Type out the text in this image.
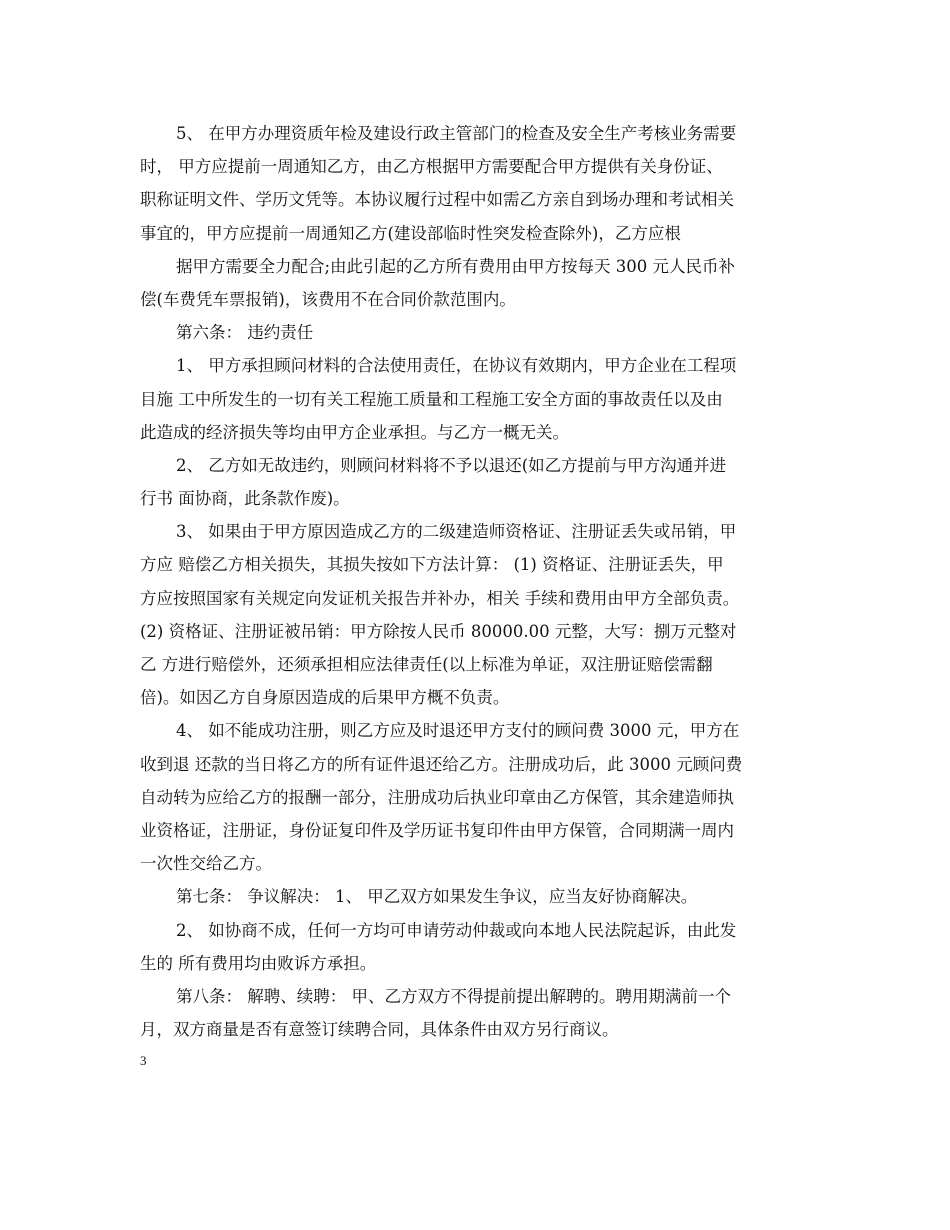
5、 在甲方办理资质年检及建设行政主管部门的检查及安全生产考核业务需要
时， 甲方应提前一周通知乙方，由乙方根据甲方需要配合甲方提供有关身份证、
职称证明文件、学历文凭等。本协议履行过程中如需乙方亲自到场办理和考试相关
事宜的，甲方应提前一周通知乙方(建设部临时性突发检查除外)，乙方应根
据甲方需要全力配合;由此引起的乙方所有费用由甲方按每天 300 元人民币补
偿(车费凭车票报销)，该费用不在合同价款范围内。
第六条： 违约责任
1、 甲方承担顾问材料的合法使用责任，在协议有效期内，甲方企业在工程项
目施 工中所发生的一切有关工程施工质量和工程施工安全方面的事故责任以及由
此造成的经济损失等均由甲方企业承担。与乙方一概无关。
2、 乙方如无故违约，则顾问材料将不予以退还(如乙方提前与甲方沟通并进
行书 面协商，此条款作废)。
3、 如果由于甲方原因造成乙方的二级建造师资格证、注册证丢失或吊销，甲
方应 赔偿乙方相关损失，其损失按如下方法计算： (1) 资格证、注册证丢失，甲
方应按照国家有关规定向发证机关报告并补办，相关 手续和费用由甲方全部负责。
(2) 资格证、注册证被吊销：甲方除按人民币 80000.00 元整，大写：捌万元整对
乙 方进行赔偿外，还须承担相应法律责任(以上标准为单证，双注册证赔偿需翻
倍)。如因乙方自身原因造成的后果甲方概不负责。
4、 如不能成功注册，则乙方应及时退还甲方支付的顾问费 3000 元，甲方在
收到退 还款的当日将乙方的所有证件退还给乙方。注册成功后，此 3000 元顾问费
自动转为应给乙方的报酬一部分，注册成功后执业印章由乙方保管，其余建造师执
业资格证，注册证，身份证复印件及学历证书复印件由甲方保管，合同期满一周内
一次性交给乙方。
第七条： 争议解决： 1、 甲乙双方如果发生争议，应当友好协商解决。
2、 如协商不成，任何一方均可申请劳动仲裁或向本地人民法院起诉，由此发
生的 所有费用均由败诉方承担。
第八条： 解聘、续聘： 甲、乙方双方不得提前提出解聘的。聘用期满前一个
月，双方商量是否有意签订续聘合同，具体条件由双方另行商议。
3
